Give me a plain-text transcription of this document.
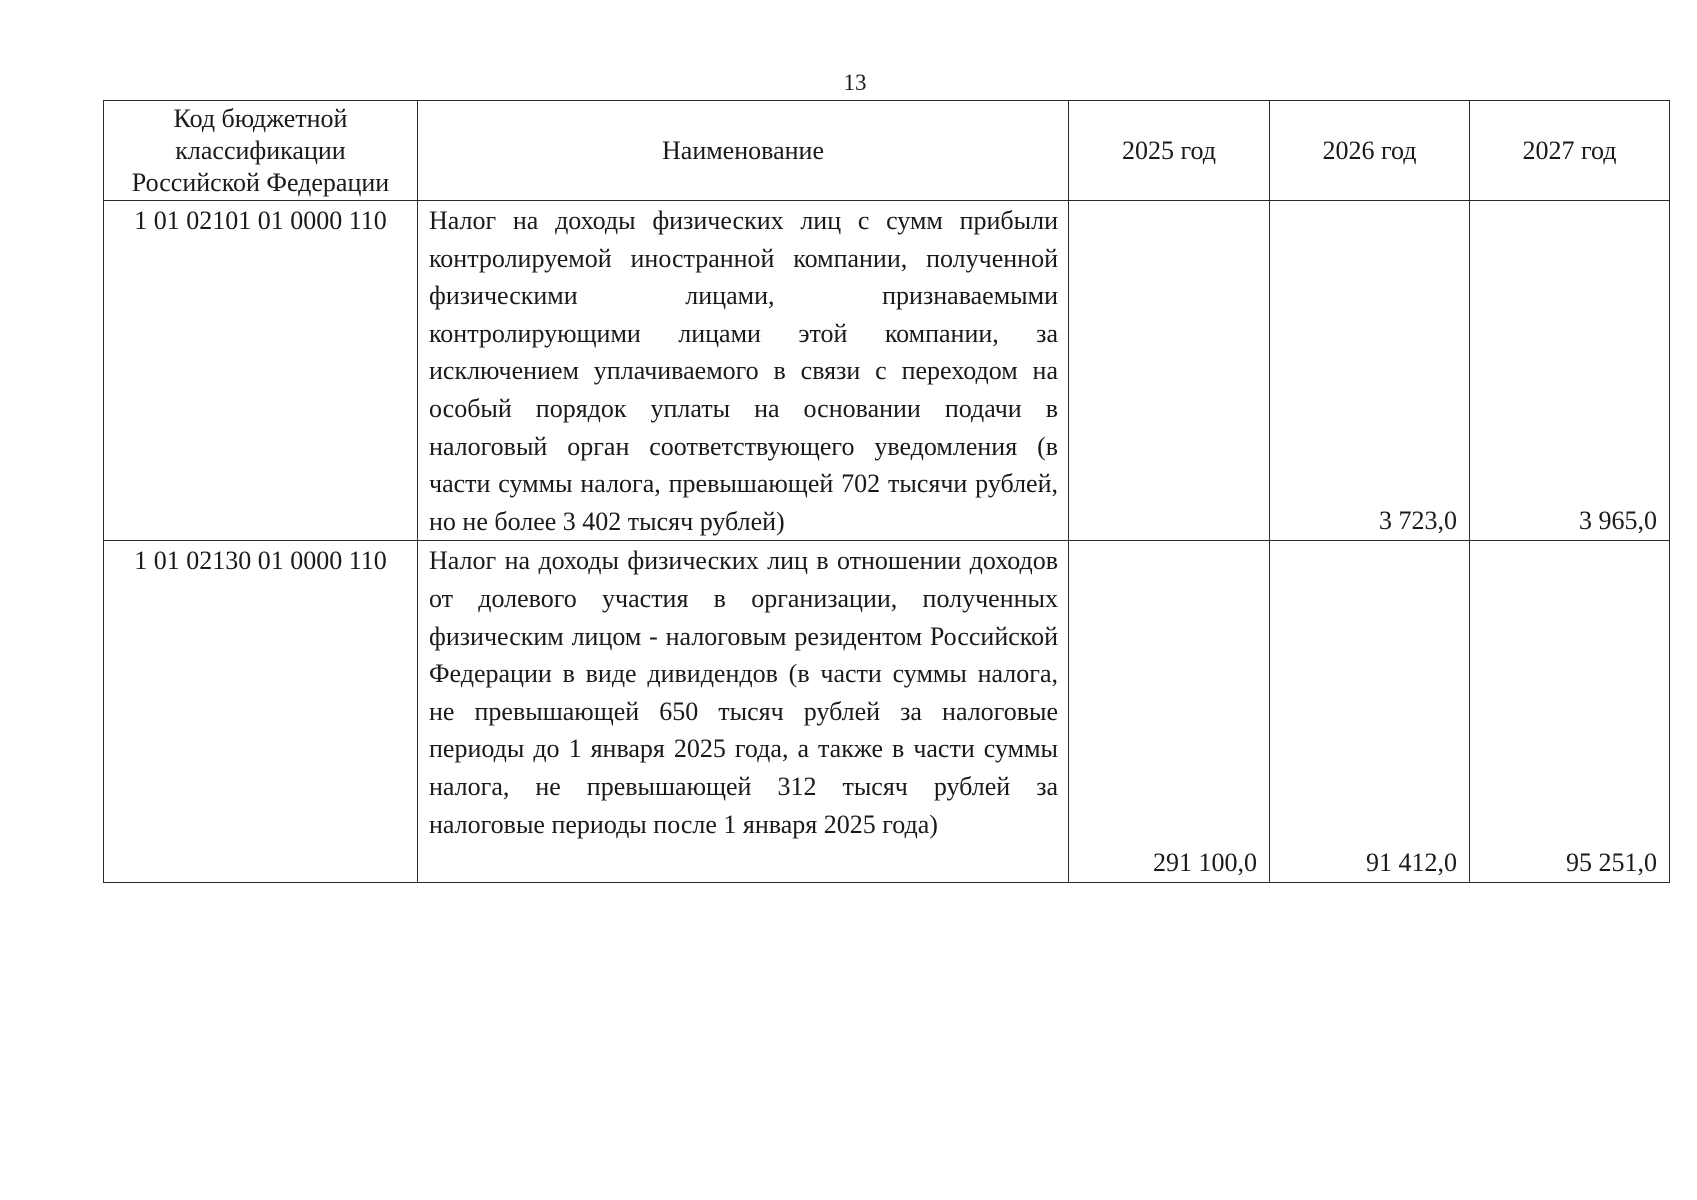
13
Код бюджетной классификации Российской Федерации	Наименование	2025 год	2026 год	2027 год
1 01 02101 01 0000 110	Налог на доходы физических лиц с сумм прибыли контролируемой иностранной компании, полученной физическими лицами, признаваемыми контролирующими лицами этой компании, за исключением уплачиваемого в связи с переходом на особый порядок уплаты на основании подачи в налоговый орган соответствующего уведомления (в части суммы налога, превышающей 702 тысячи рублей, но не более 3 402 тысяч рублей)		3 723,0	3 965,0
1 01 02130 01 0000 110	Налог на доходы физических лиц в отношении доходов от долевого участия в организации, полученных физическим лицом - налоговым резидентом Российской Федерации в виде дивидендов (в части суммы налога, не превышающей 650 тысяч рублей за налоговые периоды до 1 января 2025 года, а также в части суммы налога, не превышающей 312 тысяч рублей за налоговые периоды после 1 января 2025 года)	291 100,0	91 412,0	95 251,0
